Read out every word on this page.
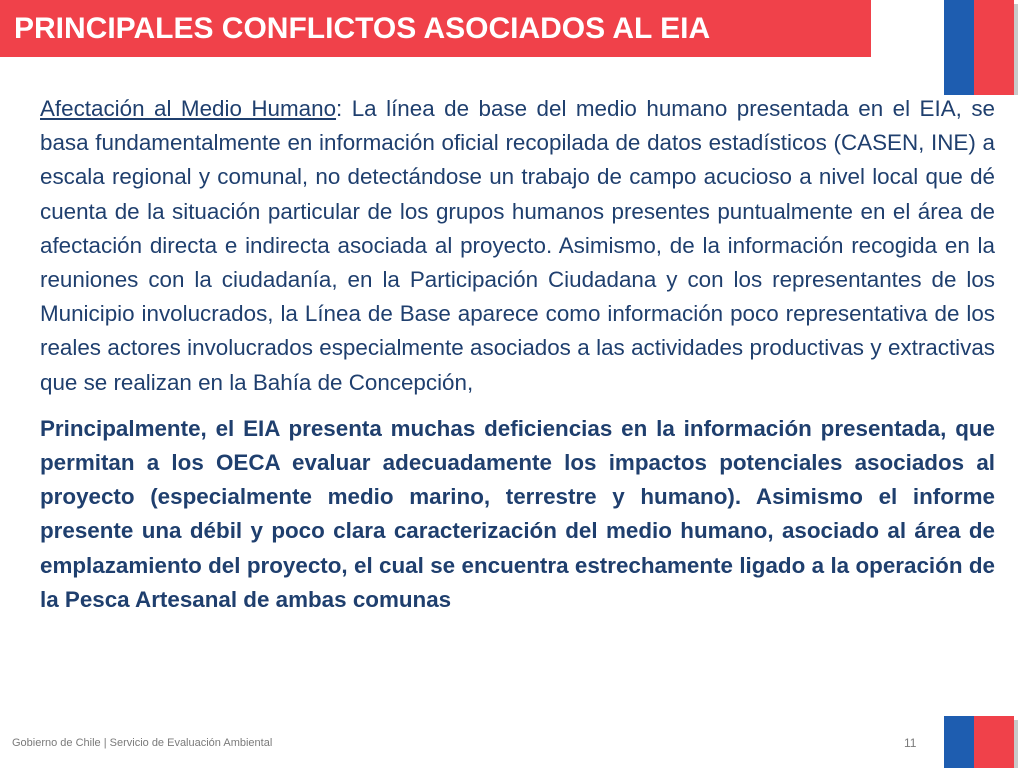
PRINCIPALES CONFLICTOS ASOCIADOS AL EIA

Afectación al Medio Humano: La línea de base del medio humano presentada en el EIA, se basa fundamentalmente en información oficial recopilada de datos estadísticos (CASEN, INE) a escala regional y comunal, no detectándose un trabajo de campo acucioso a nivel local que dé cuenta de la situación particular de los grupos humanos presentes puntualmente en el área de afectación directa e indirecta asociada al proyecto. Asimismo, de la información recogida en la reuniones con la ciudadanía, en la Participación Ciudadana y con los representantes de los Municipio involucrados, la Línea de Base aparece como información poco representativa de los reales actores involucrados especialmente asociados a las actividades productivas y extractivas que se realizan en la Bahía de Concepción,

Principalmente, el EIA presenta muchas deficiencias en la información presentada, que permitan a los OECA evaluar adecuadamente los impactos potenciales asociados al proyecto (especialmente medio marino, terrestre y humano). Asimismo el informe presente una débil y poco clara caracterización del medio humano, asociado al área de emplazamiento del proyecto, el cual se encuentra estrechamente ligado a la operación de la Pesca Artesanal de ambas comunas

Gobierno de Chile | Servicio de Evaluación Ambiental	11
